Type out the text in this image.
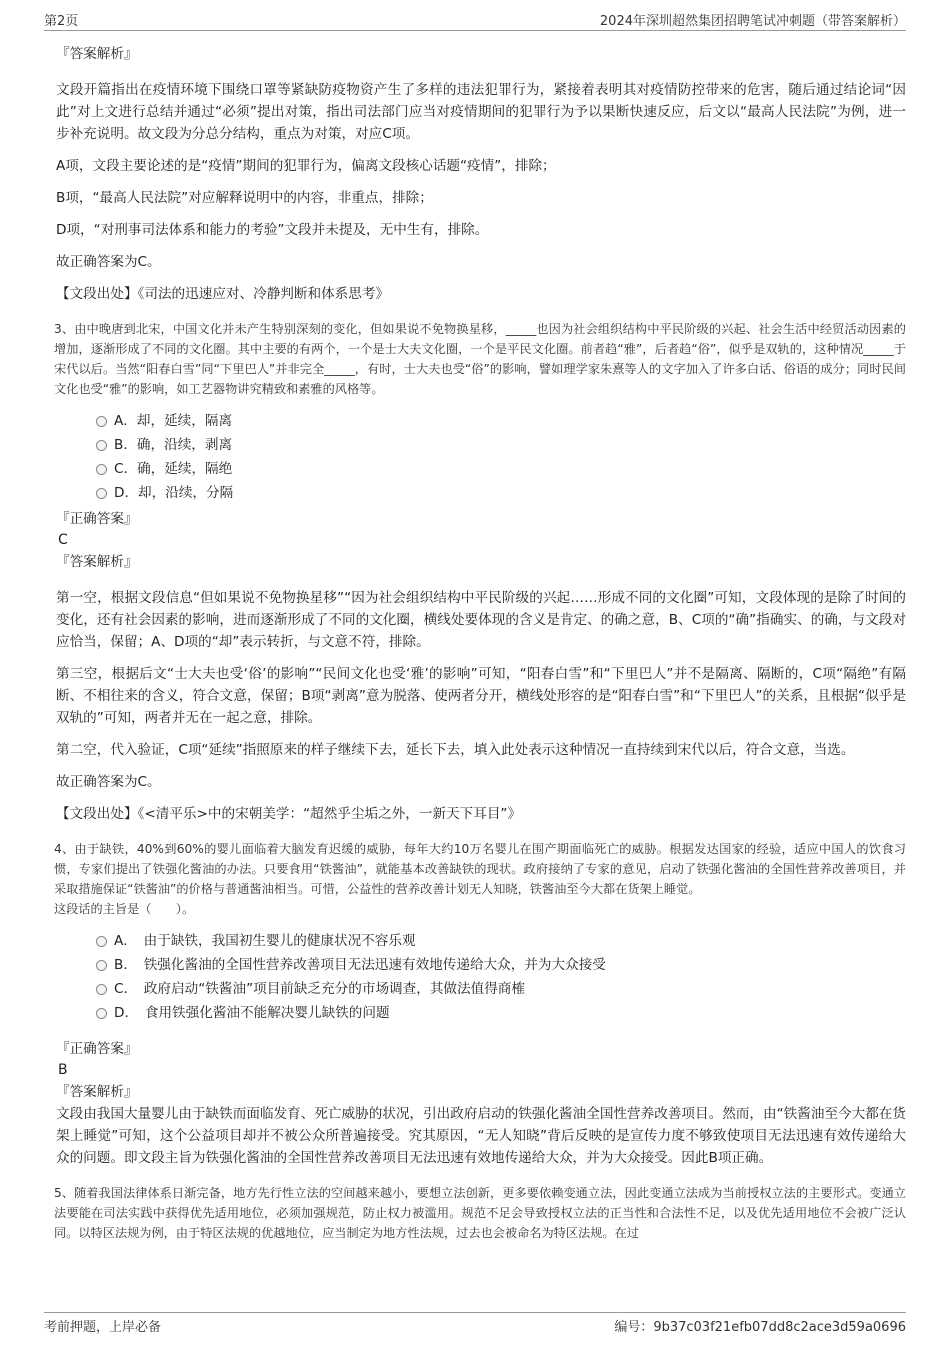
第2页	2024年深圳超然集团招聘笔试冲刺题（带答案解析）

『答案解析』

文段开篇指出在疫情环境下围绕口罩等紧缺防疫物资产生了多样的违法犯罪行为，紧接着表明其对疫情防控带来的危害，随后通过结论词“因此”对上文进行总结并通过“必须”提出对策，指出司法部门应当对疫情期间的犯罪行为予以果断快速反应，后文以“最高人民法院”为例，进一步补充说明。故文段为分总分结构，重点为对策，对应C项。

A项，文段主要论述的是“疫情”期间的犯罪行为，偏离文段核心话题“疫情”，排除；

B项，“最高人民法院”对应解释说明中的内容，非重点，排除；

D项，“对刑事司法体系和能力的考验”文段并未提及，无中生有，排除。

故正确答案为C。

【文段出处】《司法的迅速应对、冷静判断和体系思考》

3、由中晚唐到北宋，中国文化并未产生特别深刻的变化，但如果说不免物换星移，_____也因为社会组织结构中平民阶级的兴起、社会生活中经贸活动因素的增加，逐渐形成了不同的文化圈。其中主要的有两个，一个是士大夫文化圈，一个是平民文化圈。前者趋“雅”，后者趋“俗”，似乎是双轨的，这种情况_____于宋代以后。当然“阳春白雪”同“下里巴人”并非完全_____，有时，士大夫也受“俗”的影响，譬如理学家朱熹等人的文字加入了许多白话、俗语的成分；同时民间文化也受“雅”的影响，如工艺器物讲究精致和素雅的风格等。

A．却，延续，隔离
B．确，沿续，剥离
C．确，延续，隔绝
D．却，沿续，分隔

『正确答案』

C

『答案解析』

第一空，根据文段信息“但如果说不免物换星移”“因为社会组织结构中平民阶级的兴起……形成不同的文化圈”可知，文段体现的是除了时间的变化，还有社会因素的影响，进而逐渐形成了不同的文化圈，横线处要体现的含义是肯定、的确之意，B、C项的“确”指确实、的确，与文段对应恰当，保留；A、D项的“却”表示转折，与文意不符，排除。

第三空，根据后文“士大夫也受‘俗’的影响”“民间文化也受‘雅’的影响”可知，“阳春白雪”和“下里巴人”并不是隔离、隔断的，C项“隔绝”有隔断、不相往来的含义，符合文意，保留；B项“剥离”意为脱落、使两者分开，横线处形容的是“阳春白雪”和“下里巴人”的关系，且根据“似乎是双轨的”可知，两者并无在一起之意，排除。

第二空，代入验证，C项“延续”指照原来的样子继续下去，延长下去，填入此处表示这种情况一直持续到宋代以后，符合文意，当选。

故正确答案为C。

【文段出处】《<清平乐>中的宋朝美学：“超然乎尘垢之外，一新天下耳目”》

4、由于缺铁，40%到60%的婴儿面临着大脑发育迟缓的威胁，每年大约10万名婴儿在围产期面临死亡的威胁。根据发达国家的经验，适应中国人的饮食习惯，专家们提出了铁强化酱油的办法。只要食用“铁酱油”，就能基本改善缺铁的现状。政府接纳了专家的意见，启动了铁强化酱油的全国性营养改善项目，并采取措施保证“铁酱油”的价格与普通酱油相当。可惜，公益性的营养改善计划无人知晓，铁酱油至今大都在货架上睡觉。

这段话的主旨是（　　）。

A．　由于缺铁，我国初生婴儿的健康状况不容乐观
B．　铁强化酱油的全国性营养改善项目无法迅速有效地传递给大众，并为大众接受
C．　政府启动“铁酱油”项目前缺乏充分的市场调查，其做法值得商榷
D．　食用铁强化酱油不能解决婴儿缺铁的问题

『正确答案』

B

『答案解析』

文段由我国大量婴儿由于缺铁而面临发育、死亡威胁的状况，引出政府启动的铁强化酱油全国性营养改善项目。然而，由“铁酱油至今大都在货架上睡觉”可知，这个公益项目却并不被公众所普遍接受。究其原因，“无人知晓”背后反映的是宣传力度不够致使项目无法迅速有效传递给大众的问题。即文段主旨为铁强化酱油的全国性营养改善项目无法迅速有效地传递给大众，并为大众接受。因此B项正确。

5、随着我国法律体系日渐完备，地方先行性立法的空间越来越小，要想立法创新，更多要依赖变通立法，因此变通立法成为当前授权立法的主要形式。变通立法要能在司法实践中获得优先适用地位，必须加强规范，防止权力被滥用。规范不足会导致授权立法的正当性和合法性不足，以及优先适用地位不会被广泛认同。以特区法规为例，由于特区法规的优越地位，应当制定为地方性法规，过去也会被命名为特区法规。在过

考前押题，上岸必备	编号：9b37c03f21efb07dd8c2ace3d59a0696
